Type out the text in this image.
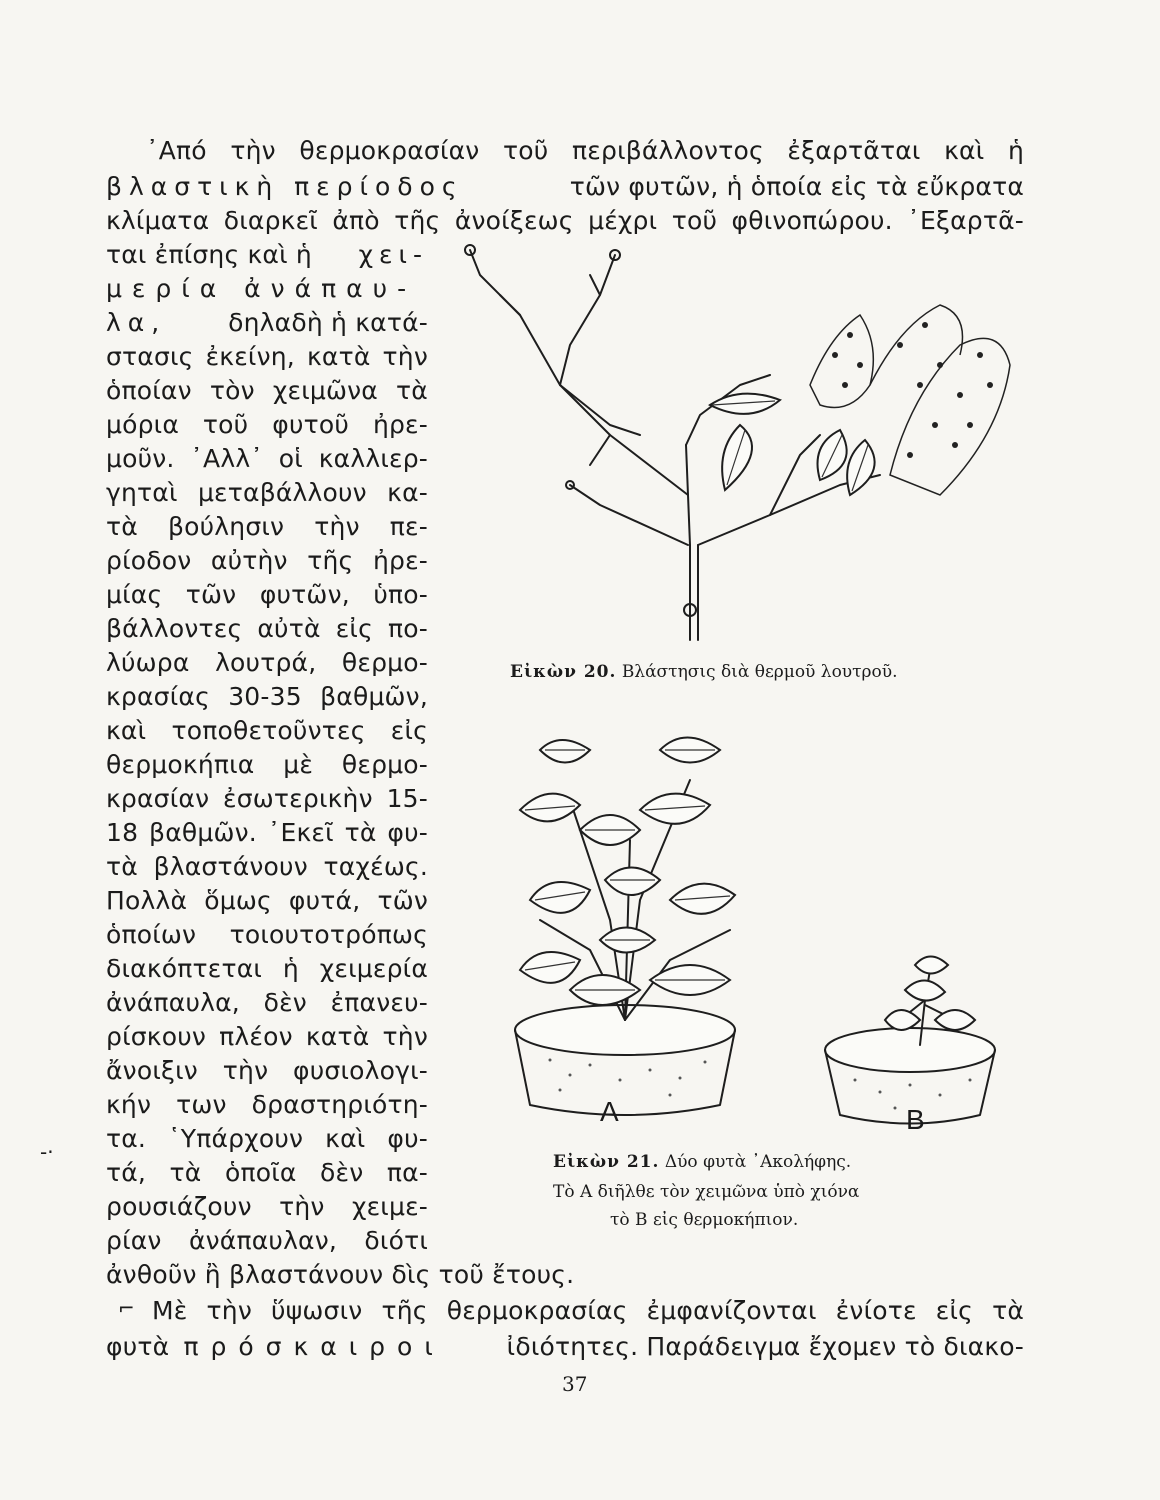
᾿Από τὴν θερμοκρασίαν τοῦ περιβάλλοντος ἐξαρτᾶται καὶ ἡ
βλαστικὴ περίοδος	τῶν φυτῶν, ἡ ὁποία εἰς τὰ εὔκρατα
κλίματα διαρκεῖ ἀπὸ τῆς ἀνοίξεως μέχρι τοῦ φθινοπώρου. ᾿Εξαρτᾶ-
ται ἐπίσης καὶ ἡ χει-
μερία ἀνάπαυ-
λα, δηλαδὴ ἡ κατά-
στασις ἐκείνη, κατὰ τὴν
ὁποίαν τὸν χειμῶνα τὰ
μόρια τοῦ φυτοῦ ἠρε-
μοῦν. ᾿Αλλ᾿ οἱ καλλιερ-
γηταὶ μεταβάλλουν κα-
τὰ βούλησιν τὴν πε-
ρίοδον αὐτὴν τῆς ἠρε-
μίας τῶν φυτῶν, ὑπο-
βάλλοντες αὐτὰ εἰς πο-
λύωρα λουτρά, θερμο-
κρασίας 30-35 βαθμῶν,
καὶ τοποθετοῦντες εἰς
θερμοκήπια μὲ θερμο-
κρασίαν ἐσωτερικὴν 15-
18 βαθμῶν. ᾿Εκεῖ τὰ φυ-
τὰ βλαστάνουν ταχέως.
Πολλὰ ὅμως φυτά, τῶν
ὁποίων τοιουτοτρόπως
διακόπτεται ἡ χειμερία
ἀνάπαυλα, δὲν ἐπανευ-
ρίσκουν πλέον κατὰ τὴν
ἄνοιξιν τὴν φυσιολογι-
κήν των δραστηριότη-
τα. ῾Υπάρχουν καὶ φυ-
τά, τὰ ὁποῖα δὲν πα-
ρουσιάζουν τὴν χειμε-
ρίαν ἀνάπαυλαν, διότι
ἀνθοῦν ἢ βλαστάνουν δὶς τοῦ ἔτους.
⌐
-·
Μὲ τὴν ὕψωσιν τῆς θερμοκρασίας ἐμφανίζονται ἐνίοτε εἰς τὰ
φυτὰ πρόσκαιροι ἰδιότητες. Παράδειγμα ἔχομεν τὸ διακο-
Εἰκὼν 20. Βλάστησις διὰ θερμοῦ λουτροῦ.
A	B
Εἰκὼν 21. Δύο φυτὰ ᾿Ακολήφης.
Τὸ Α διῆλθε τὸν χειμῶνα ὑπὸ χιόνα
τὸ Β εἰς θερμοκήπιον.
37
